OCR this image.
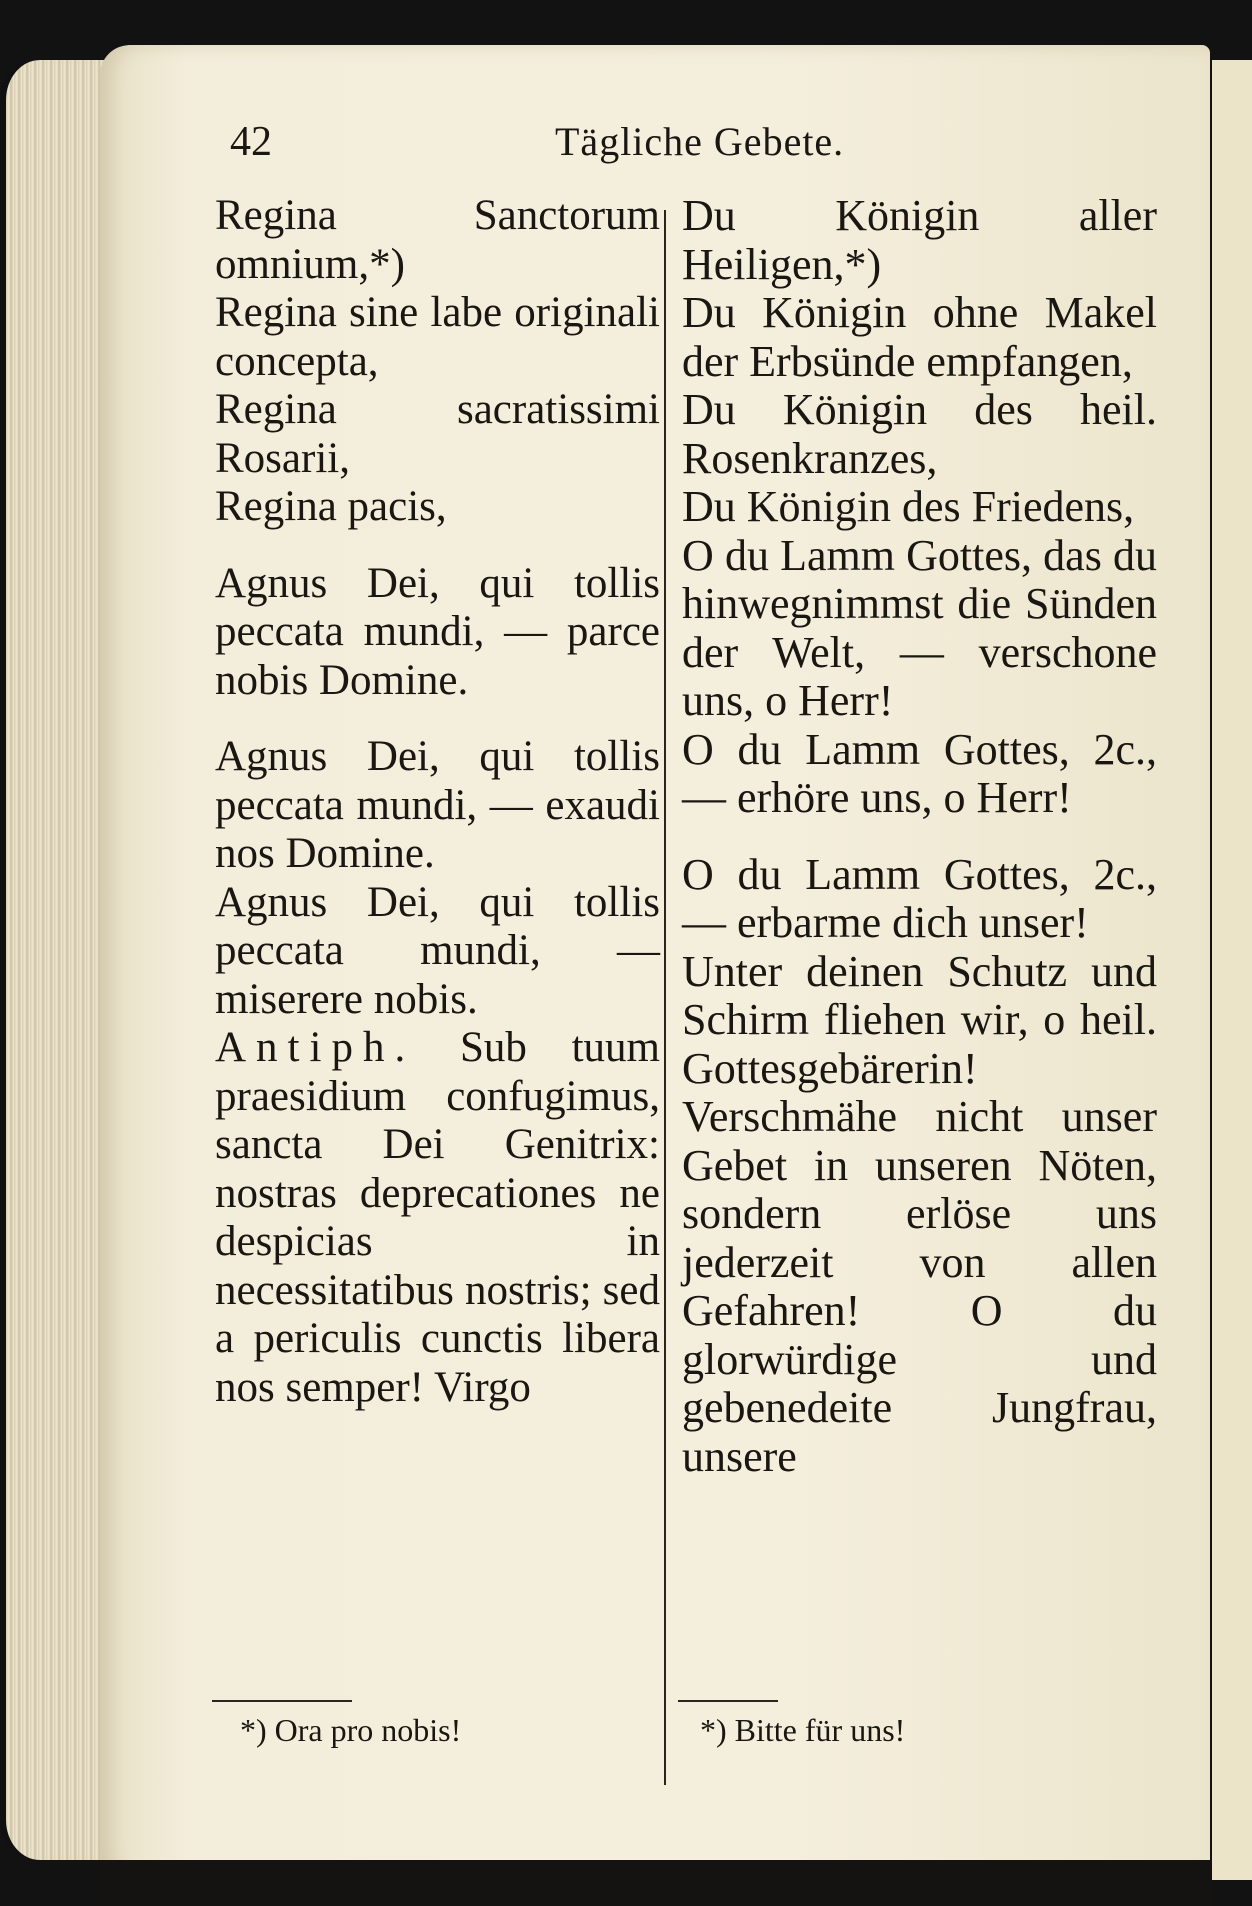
42	Tägliche Gebete.

Regina Sanctorum omnium,*)

Regina sine labe originali concepta,

Regina sacratissimi Rosarii,

Regina pacis,

Agnus Dei, qui tollis peccata mundi, — parce nobis Domine.

Agnus Dei, qui tollis peccata mundi, — exaudi nos Domine.

Agnus Dei, qui tollis peccata mundi, — miserere nobis.

Antiph. Sub tuum praesidium confugimus, sancta Dei Genitrix: nostras deprecationes ne despicias in necessitatibus nostris; sed a periculis cunctis libera nos semper! Virgo

Du Königin aller Heiligen,*)

Du Königin ohne Makel der Erbsünde empfangen,

Du Königin des heil. Rosenkranzes,

Du Königin des Friedens,

O du Lamm Gottes, das du hinwegnimmst die Sünden der Welt, — verschone uns, o Herr!

O du Lamm Gottes, 2c., — erhöre uns, o Herr!

O du Lamm Gottes, 2c., — erbarme dich unser!

Unter deinen Schutz und Schirm fliehen wir, o heil. Gottesgebärerin! Verschmähe nicht unser Gebet in unseren Nöten, sondern erlöse uns jederzeit von allen Gefahren! O du glorwürdige und gebenedeite Jungfrau, unsere

*) Ora pro nobis!	*) Bitte für uns!
